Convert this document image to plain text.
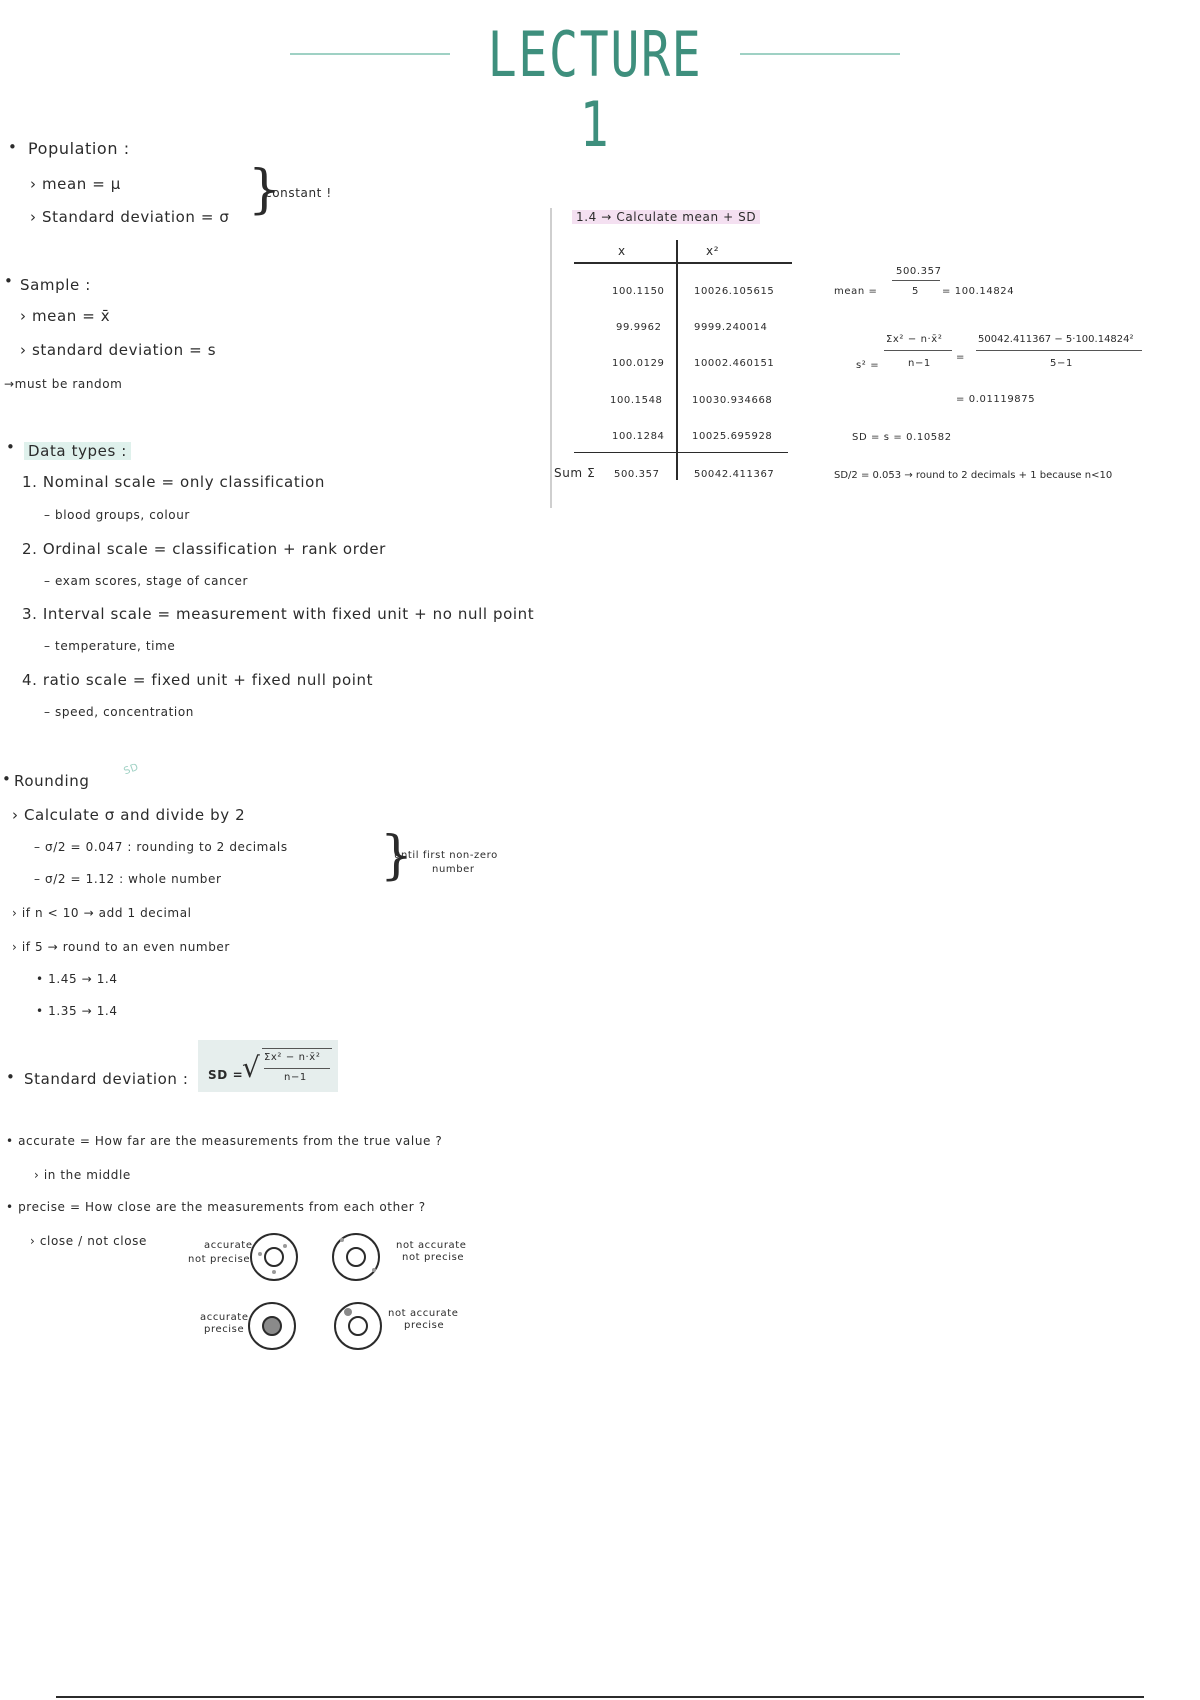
LECTURE 1
• Population :
› mean = μ
› Standard deviation = σ }
constant !
• Sample :
› mean = x̄
› standard deviation = s
→must be random
• Data types :
1. Nominal scale = only classification
– blood groups, colour
2. Ordinal scale = classification + rank order
– exam scores, stage of cancer
3. Interval scale = measurement with fixed unit + no null point
– temperature, time
4. ratio scale = fixed unit + fixed null point
– speed, concentration
• Rounding
SD
› Calculate σ and divide by 2
– σ/2 = 0.047 : rounding to 2 decimals
– σ/2 = 1.12 : whole number	}
until first non-zero
number
› if n < 10 → add 1 decimal
› if 5 → round to an even number
• 1.45 → 1.4
• 1.35 → 1.4
• Standard deviation : SD =
√ Σx² − n·x̄²
n−1
• accurate = How far are the measurements from the true value ?
› in the middle
• precise = How close are the measurements from each other ?
› close / not close	accurate
not precise
not accurate
not precise
accurate
precise
not accurate
precise
1.4 → Calculate mean + SD
x	x²
100.1150	10026.105615
99.9962	9999.240014
100.0129	10002.460151
100.1548	10030.934668
100.1284	10025.695928
Sum Σ 500.357	50042.411367
mean =
500.357
5 = 100.14824
s² =
Σx² − n·x̄²
n−1
=
50042.411367 − 5·100.14824²
5−1
= 0.01119875
SD = s = 0.10582
SD/2 = 0.053 → round to 2 decimals + 1 because n<10
